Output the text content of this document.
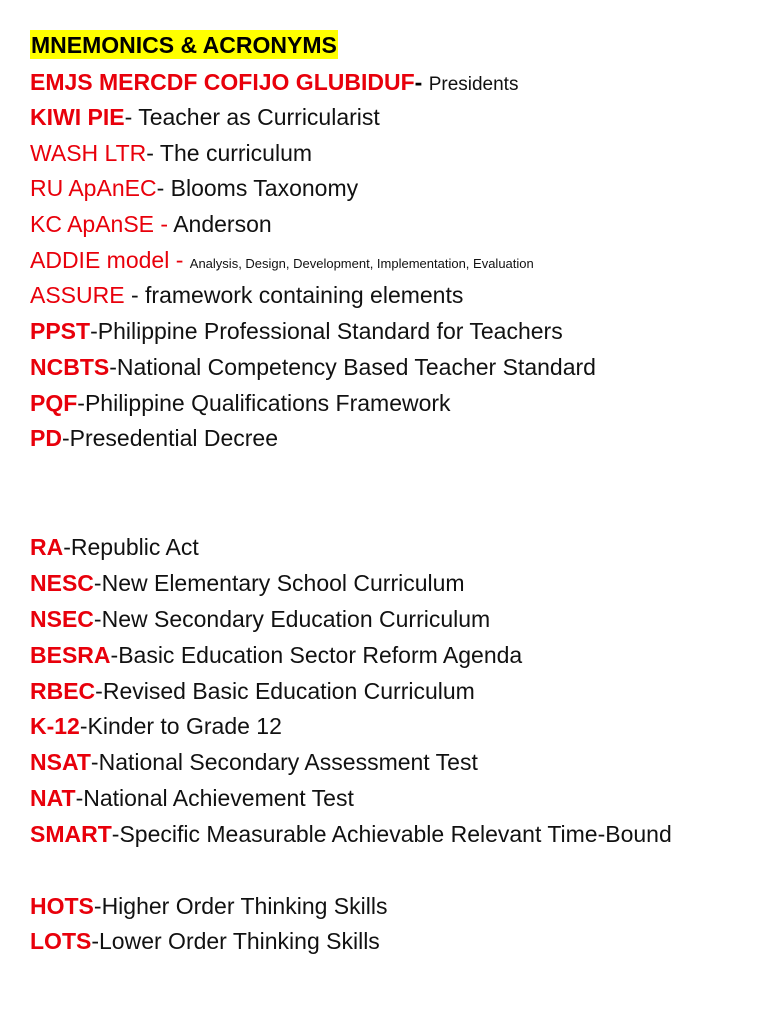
MNEMONICS & ACRONYMS
EMJS MERCDF COFIJO GLUBIDUF- Presidents
KIWI PIE- Teacher as Curricularist
WASH LTR- The curriculum
RU ApAnEC- Blooms Taxonomy
KC ApAnSE - Anderson
ADDIE model - Analysis, Design, Development, Implementation, Evaluation
ASSURE - framework containing elements
PPST-Philippine Professional Standard for Teachers
NCBTS-National Competency Based Teacher Standard
PQF-Philippine Qualifications Framework
PD-Presedential Decree
RA-Republic Act
NESC-New Elementary School Curriculum
NSEC-New Secondary Education Curriculum
BESRA-Basic Education Sector Reform Agenda
RBEC-Revised Basic Education Curriculum
K-12-Kinder to Grade 12
NSAT-National Secondary Assessment Test
NAT-National Achievement Test
SMART-Specific Measurable Achievable Relevant Time-Bound
HOTS-Higher Order Thinking Skills
LOTS-Lower Order Thinking Skills
